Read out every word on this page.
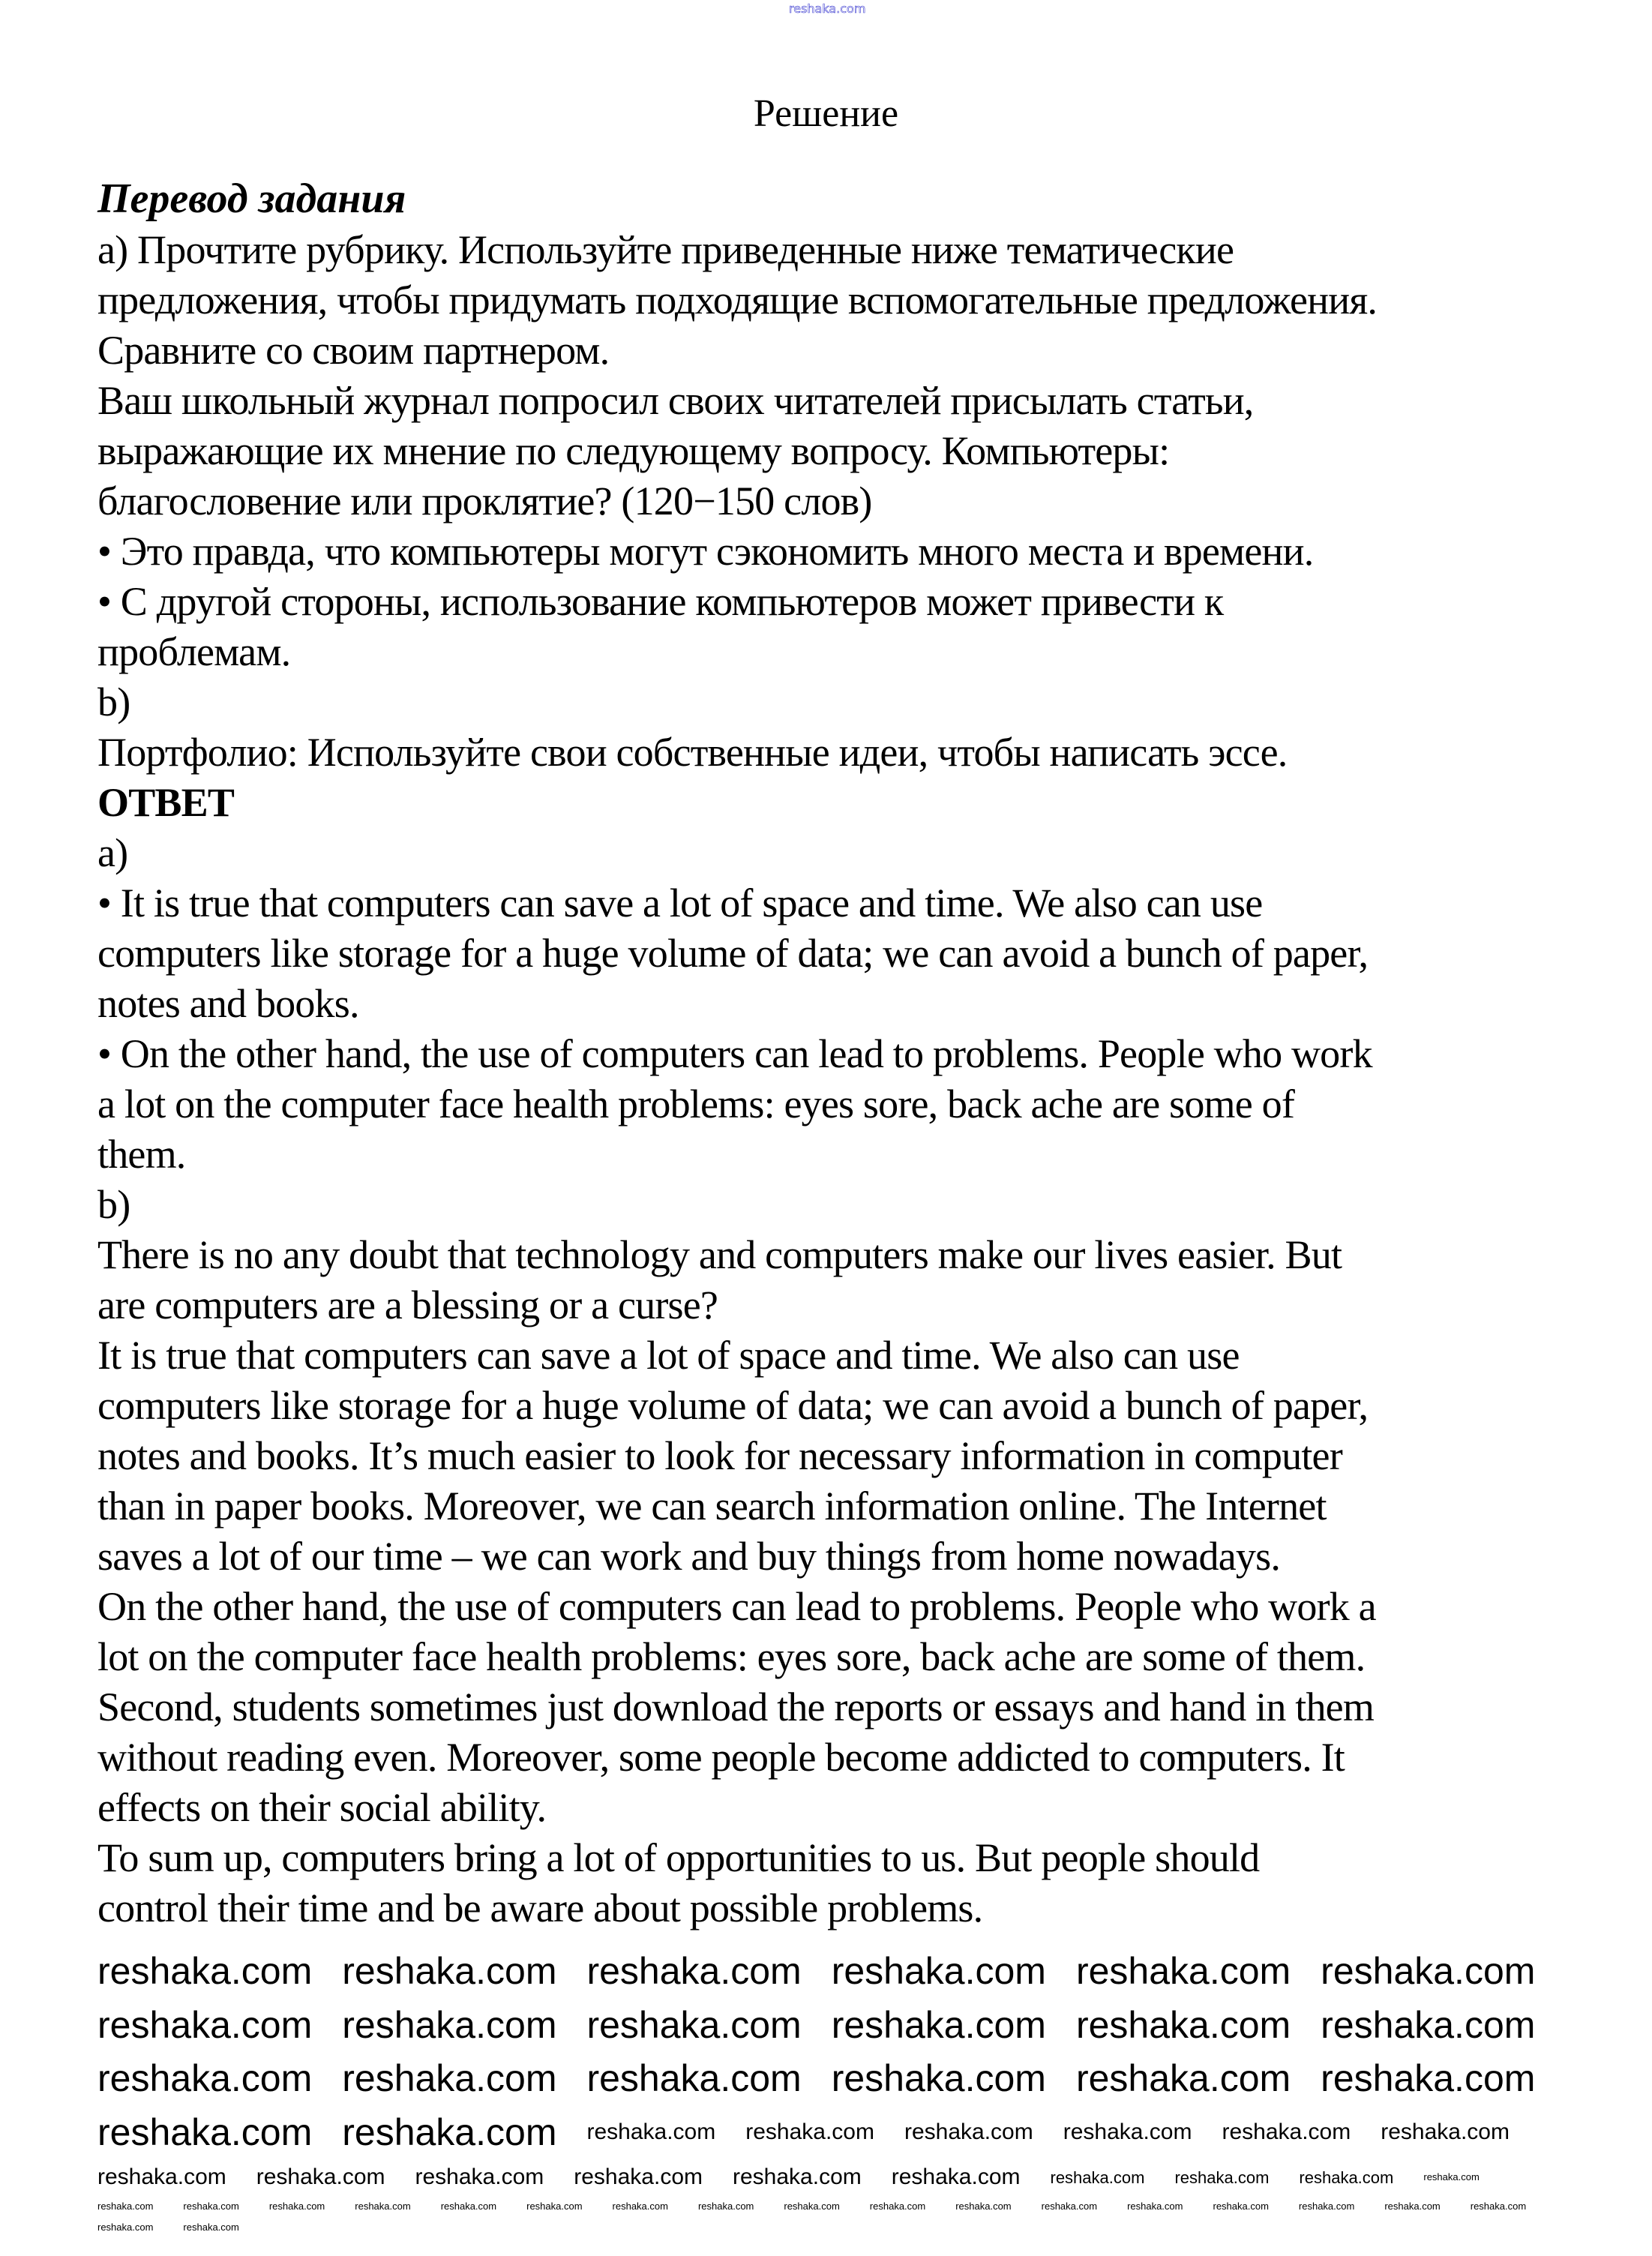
reshaka.com
Решение
Перевод задания
а) Прочтите рубрику. Используйте приведенные ниже тематические
предложения, чтобы придумать подходящие вспомогательные предложения.
Сравните со своим партнером.
Ваш школьный журнал попросил своих читателей присылать статьи,
выражающие их мнение по следующему вопросу. Компьютеры:
благословение или проклятие? (120−150 слов)
• Это правда, что компьютеры могут сэкономить много места и времени.
• С другой стороны, использование компьютеров может привести к
проблемам.
b)
Портфолио: Используйте свои собственные идеи, чтобы написать эссе.
ОТВЕТ
a)
• It is true that computers can save a lot of space and time. We also can use
computers like storage for a huge volume of data; we can avoid a bunch of paper,
notes and books.
• On the other hand, the use of computers can lead to problems. People who work
a lot on the computer face health problems: eyes sore, back ache are some of
them.
b)
There is no any doubt that technology and computers make our lives easier. But
are computers are a blessing or a curse?
It is true that computers can save a lot of space and time. We also can use
computers like storage for a huge volume of data; we can avoid a bunch of paper,
notes and books. It’s much easier to look for necessary information in computer
than in paper books. Moreover, we can search information online. The Internet
saves a lot of our time – we can work and buy things from home nowadays.
On the other hand, the use of computers can lead to problems. People who work a
lot on the computer face health problems: eyes sore, back ache are some of them.
Second, students sometimes just download the reports or essays and hand in them
without reading even. Moreover, some people become addicted to computers. It
effects on their social ability.
To sum up, computers bring a lot of opportunities to us. But people should
control their time and be aware about possible problems.
reshaka.com reshaka.com reshaka.com reshaka.com reshaka.com reshaka.com
reshaka.com reshaka.com reshaka.com reshaka.com reshaka.com reshaka.com
reshaka.com reshaka.com reshaka.com reshaka.com reshaka.com reshaka.com
reshaka.com reshaka.com reshaka.com reshaka.com reshaka.com reshaka.com reshaka.com reshaka.com
reshaka.com reshaka.com reshaka.com reshaka.com reshaka.com reshaka.com reshaka.com reshaka.com reshaka.com	reshaka.com
reshaka.com	reshaka.com	reshaka.com	reshaka.com	reshaka.com	reshaka.com	reshaka.com	reshaka.com	reshaka.com	reshaka.com	reshaka.com	reshaka.com	reshaka.com	reshaka.com	reshaka.com	reshaka.com	reshaka.com
reshaka.com	reshaka.com
